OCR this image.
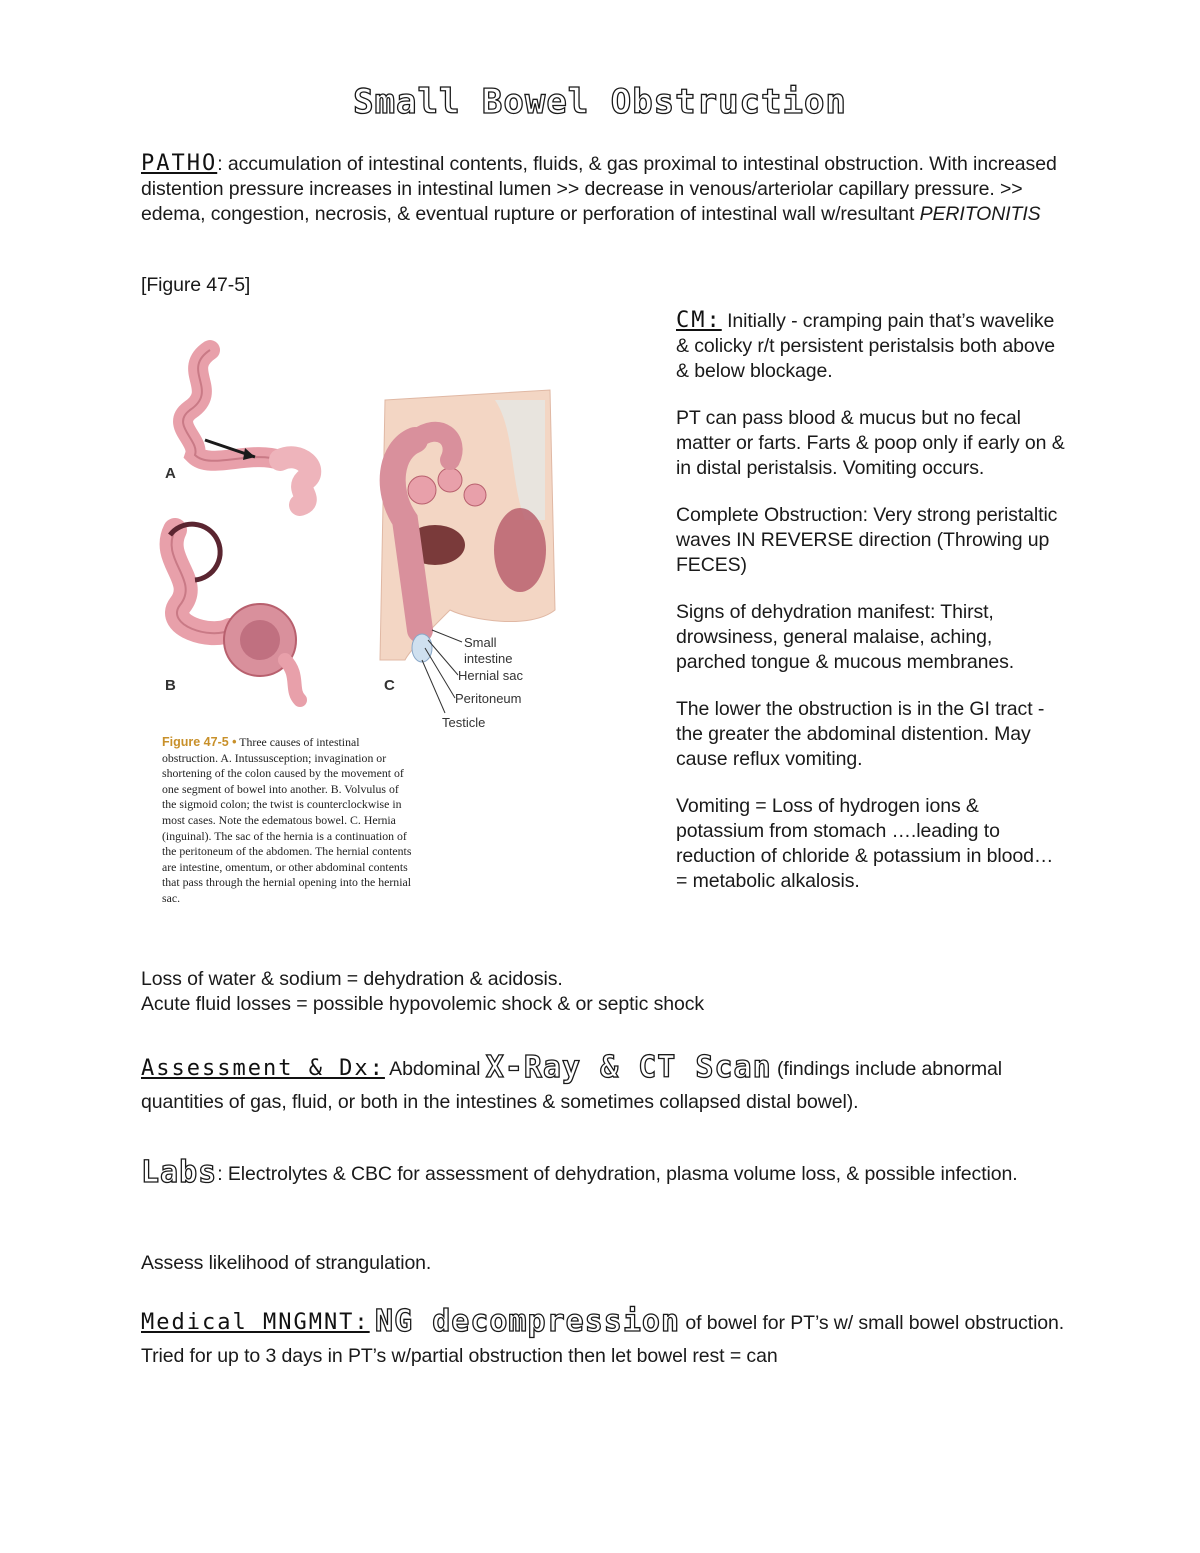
Small Bowel Obstruction
PATHO: accumulation of intestinal contents, fluids, & gas proximal to intestinal obstruction. With increased distention pressure increases in intestinal lumen >> decrease in venous/arteriolar capillary pressure. >> edema, congestion, necrosis, & eventual rupture or perforation of intestinal wall w/resultant PERITONITIS
[Figure 47-5]
A
B
Small
intestine
Hernial sac
Peritoneum
Testicle
C
Figure 47-5 • Three causes of intestinal obstruction. A. Intussusception; invagination or shortening of the colon caused by the movement of one segment of bowel into another. B. Volvulus of the sigmoid colon; the twist is counterclockwise in most cases. Note the edematous bowel. C. Hernia (inguinal). The sac of the hernia is a continuation of the peritoneum of the abdomen. The hernial contents are intestine, omentum, or other abdominal contents that pass through the hernial opening into the hernial sac.

CM: Initially - cramping pain that’s wavelike & colicky r/t persistent peristalsis both above & below blockage.

PT can pass blood & mucus but no fecal matter or farts. Farts & poop only if early on & in distal peristalsis. Vomiting occurs.

Complete Obstruction: Very strong peristaltic waves IN REVERSE direction (Throwing up FECES)

Signs of dehydration manifest: Thirst, drowsiness, general malaise, aching, parched tongue & mucous membranes.

The lower the obstruction is in the GI tract - the greater the abdominal distention. May cause reflux vomiting.

Vomiting = Loss of hydrogen ions & potassium from stomach ….leading to reduction of chloride & potassium in blood… = metabolic alkalosis.

Loss of water & sodium = dehydration & acidosis.
Acute fluid losses = possible hypovolemic shock & or septic shock
Assessment & Dx: Abdominal X-Ray & CT Scan (findings include abnormal quantities of gas, fluid, or both in the intestines & sometimes collapsed distal bowel).
Labs: Electrolytes & CBC for assessment of dehydration, plasma volume loss, & possible infection.
Assess likelihood of strangulation.
Medical MNGMNT: NG decompression of bowel for PT’s w/ small bowel obstruction. Tried for up to 3 days in PT’s w/partial obstruction then let bowel rest = can
